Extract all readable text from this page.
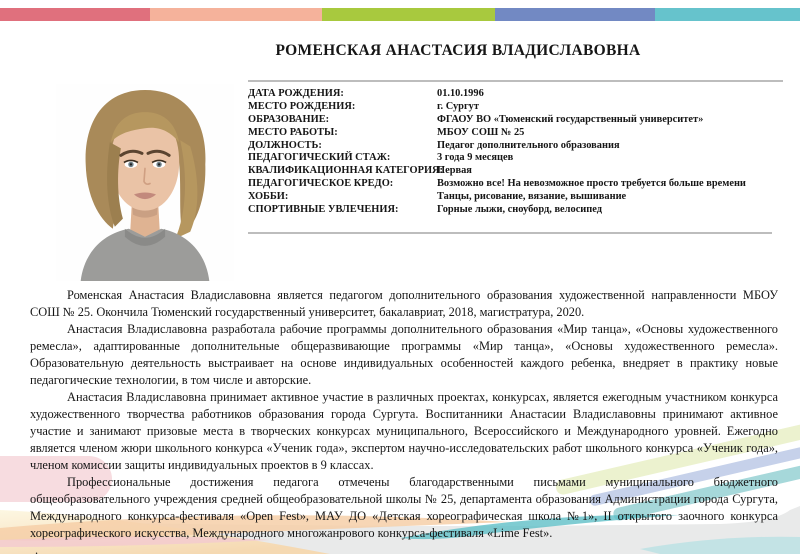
РОМЕНСКАЯ АНАСТАСИЯ ВЛАДИСЛАВОВНА
ДАТА РОЖДЕНИЯ:	01.10.1996
МЕСТО РОЖДЕНИЯ:	г. Сургут
ОБРАЗОВАНИЕ:	ФГАОУ ВО «Тюменский государственный университет»
МЕСТО РАБОТЫ:	МБОУ СОШ № 25
ДОЛЖНОСТЬ:	Педагог дополнительного образования
ПЕДАГОГИЧЕСКИЙ СТАЖ:	3 года 9 месяцев
КВАЛИФИКАЦИОННАЯ КАТЕГОРИЯ:
Первая
ПЕДАГОГИЧЕСКОЕ КРЕДО:	Возможно все! На невозможное просто требуется больше времени
ХОББИ:	Танцы, рисование, вязание, вышивание
СПОРТИВНЫЕ УВЛЕЧЕНИЯ:	Горные лыжи, сноуборд, велосипед

Роменская Анастасия Владиславовна является педагогом дополнительного образования художественной направленности МБОУ СОШ № 25. Окончила Тюменский государственный университет, бакалавриат, 2018, магистратура, 2020.

Анастасия Владиславовна разработала рабочие программы дополнительного образования «Мир танца», «Основы художественного ремесла», адаптированные дополнительные общеразвивающие программы «Мир танца», «Основы художественного ремесла». Образовательную деятельность выстраивает на основе индивидуальных особенностей каждого ребенка, внедряет в практику новые педагогические технологии, в том числе и авторские.

Анастасия Владиславовна принимает активное участие в различных проектах, конкурсах, является ежегодным участником конкурса художественного творчества работников образования города Сургута. Воспитанники Анастасии Владиславовны принимают активное участие и занимают призовые места в творческих конкурсах муниципального, Всероссийского и Международного уровней. Ежегодно является членом жюри школьного конкурса «Ученик года», экспертом научно-исследовательских работ школьного конкурса «Ученик года», членом комиссии защиты индивидуальных проектов в 9 классах.

Профессиональные достижения педагога отмечены благодарственными письмами муниципального бюджетного общеобразовательного учреждения средней общеобразовательной школы № 25, департамента образования Администрации города Сургута, Международного конкурса-фестиваля «Open Fest», МАУ ДО «Детская хореографическая школа №1», II открытого заочного конкурса хореографического искусства, Международного многожанрового конкурса-фестиваля «Lime Fest».

.
